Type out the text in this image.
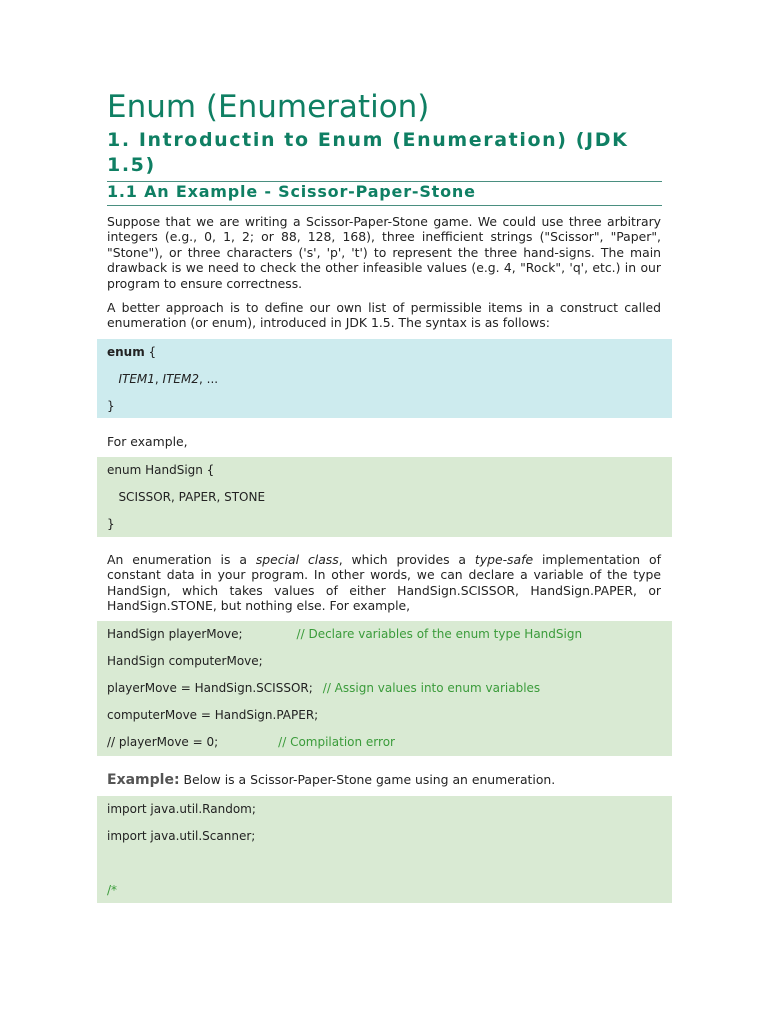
Enum (Enumeration)
1. Introductin to Enum (Enumeration) (JDK 1.5)
1.1 An Example - Scissor-Paper-Stone

Suppose that we are writing a Scissor-Paper-Stone game. We could use three arbitrary integers (e.g., 0, 1, 2; or 88, 128, 168), three inefficient strings ("Scissor", "Paper", "Stone"), or three characters ('s', 'p', 't') to represent the three hand-signs. The main drawback is we need to check the other infeasible values (e.g. 4, "Rock", 'q', etc.) in our program to ensure correctness.

A better approach is to define our own list of permissible items in a construct called enumeration (or enum), introduced in JDK 1.5. The syntax is as follows:

enum {
ITEM1, ITEM2, ...
}

For example,

enum HandSign {
SCISSOR, PAPER, STONE
}

An enumeration is a special class, which provides a type-safe implementation of constant data in your program. In other words, we can declare a variable of the type HandSign, which takes values of either HandSign.SCISSOR, HandSign.PAPER, or HandSign.STONE, but nothing else. For example,

HandSign playerMove;	// Declare variables of the enum type HandSign
HandSign computerMove;
playerMove = HandSign.SCISSOR; // Assign values into enum variables
computerMove = HandSign.PAPER;
// playerMove = 0;	// Compilation error

Example: Below is a Scissor-Paper-Stone game using an enumeration.

import java.util.Random;
import java.util.Scanner;
/*
